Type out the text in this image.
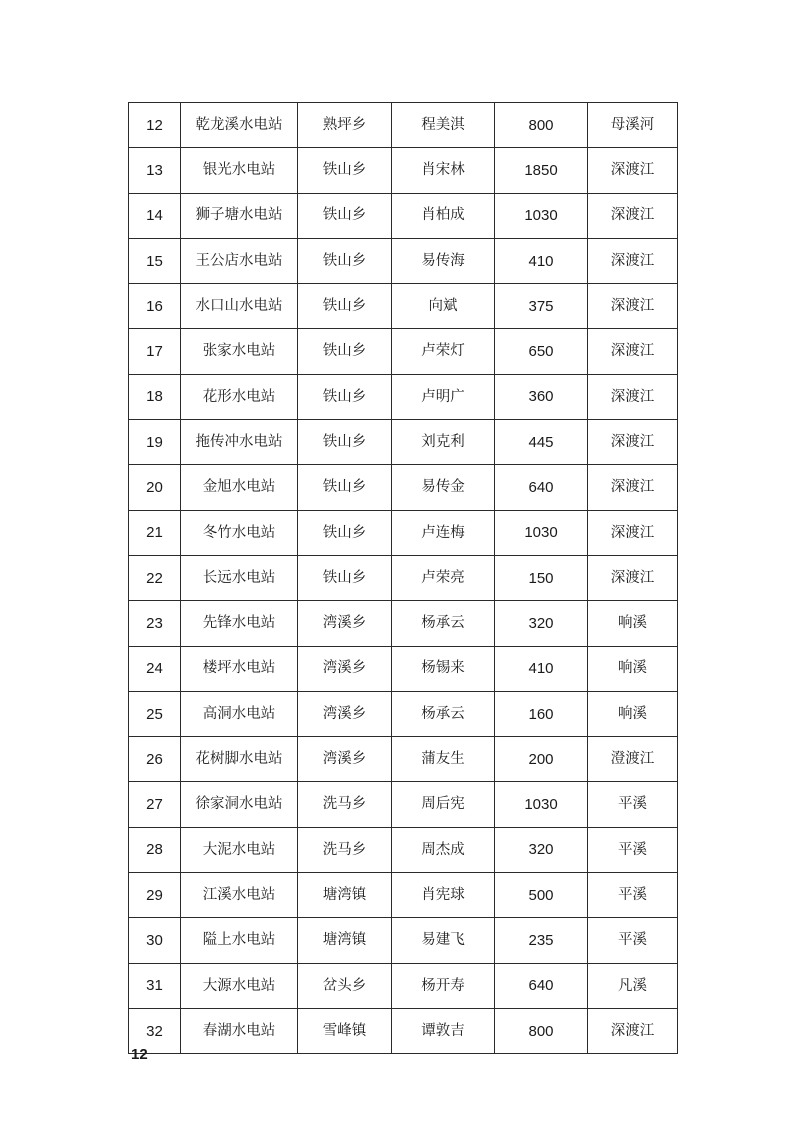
12	乾龙溪水电站	熟坪乡	程美淇	800	母溪河
13	银光水电站	铁山乡	肖宋林	1850	深渡江
14	狮子塘水电站	铁山乡	肖柏成	1030	深渡江
15	王公店水电站	铁山乡	易传海	410	深渡江
16	水口山水电站	铁山乡	向斌	375	深渡江
17	张家水电站	铁山乡	卢荣灯	650	深渡江
18	花形水电站	铁山乡	卢明广	360	深渡江
19	拖传冲水电站	铁山乡	刘克利	445	深渡江
20	金旭水电站	铁山乡	易传金	640	深渡江
21	冬竹水电站	铁山乡	卢连梅	1030	深渡江
22	长远水电站	铁山乡	卢荣亮	150	深渡江
23	先锋水电站	湾溪乡	杨承云	320	响溪
24	楼坪水电站	湾溪乡	杨锡来	410	响溪
25	高洞水电站	湾溪乡	杨承云	160	响溪
26	花树脚水电站	湾溪乡	蒲友生	200	澄渡江
27	徐家洞水电站	洗马乡	周后宪	1030	平溪
28	大泥水电站	洗马乡	周杰成	320	平溪
29	江溪水电站	塘湾镇	肖宪球	500	平溪
30	隘上水电站	塘湾镇	易建飞	235	平溪
31	大源水电站	岔头乡	杨开寿	640	凡溪
32	春湖水电站	雪峰镇	谭敦吉	800	深渡江
12
